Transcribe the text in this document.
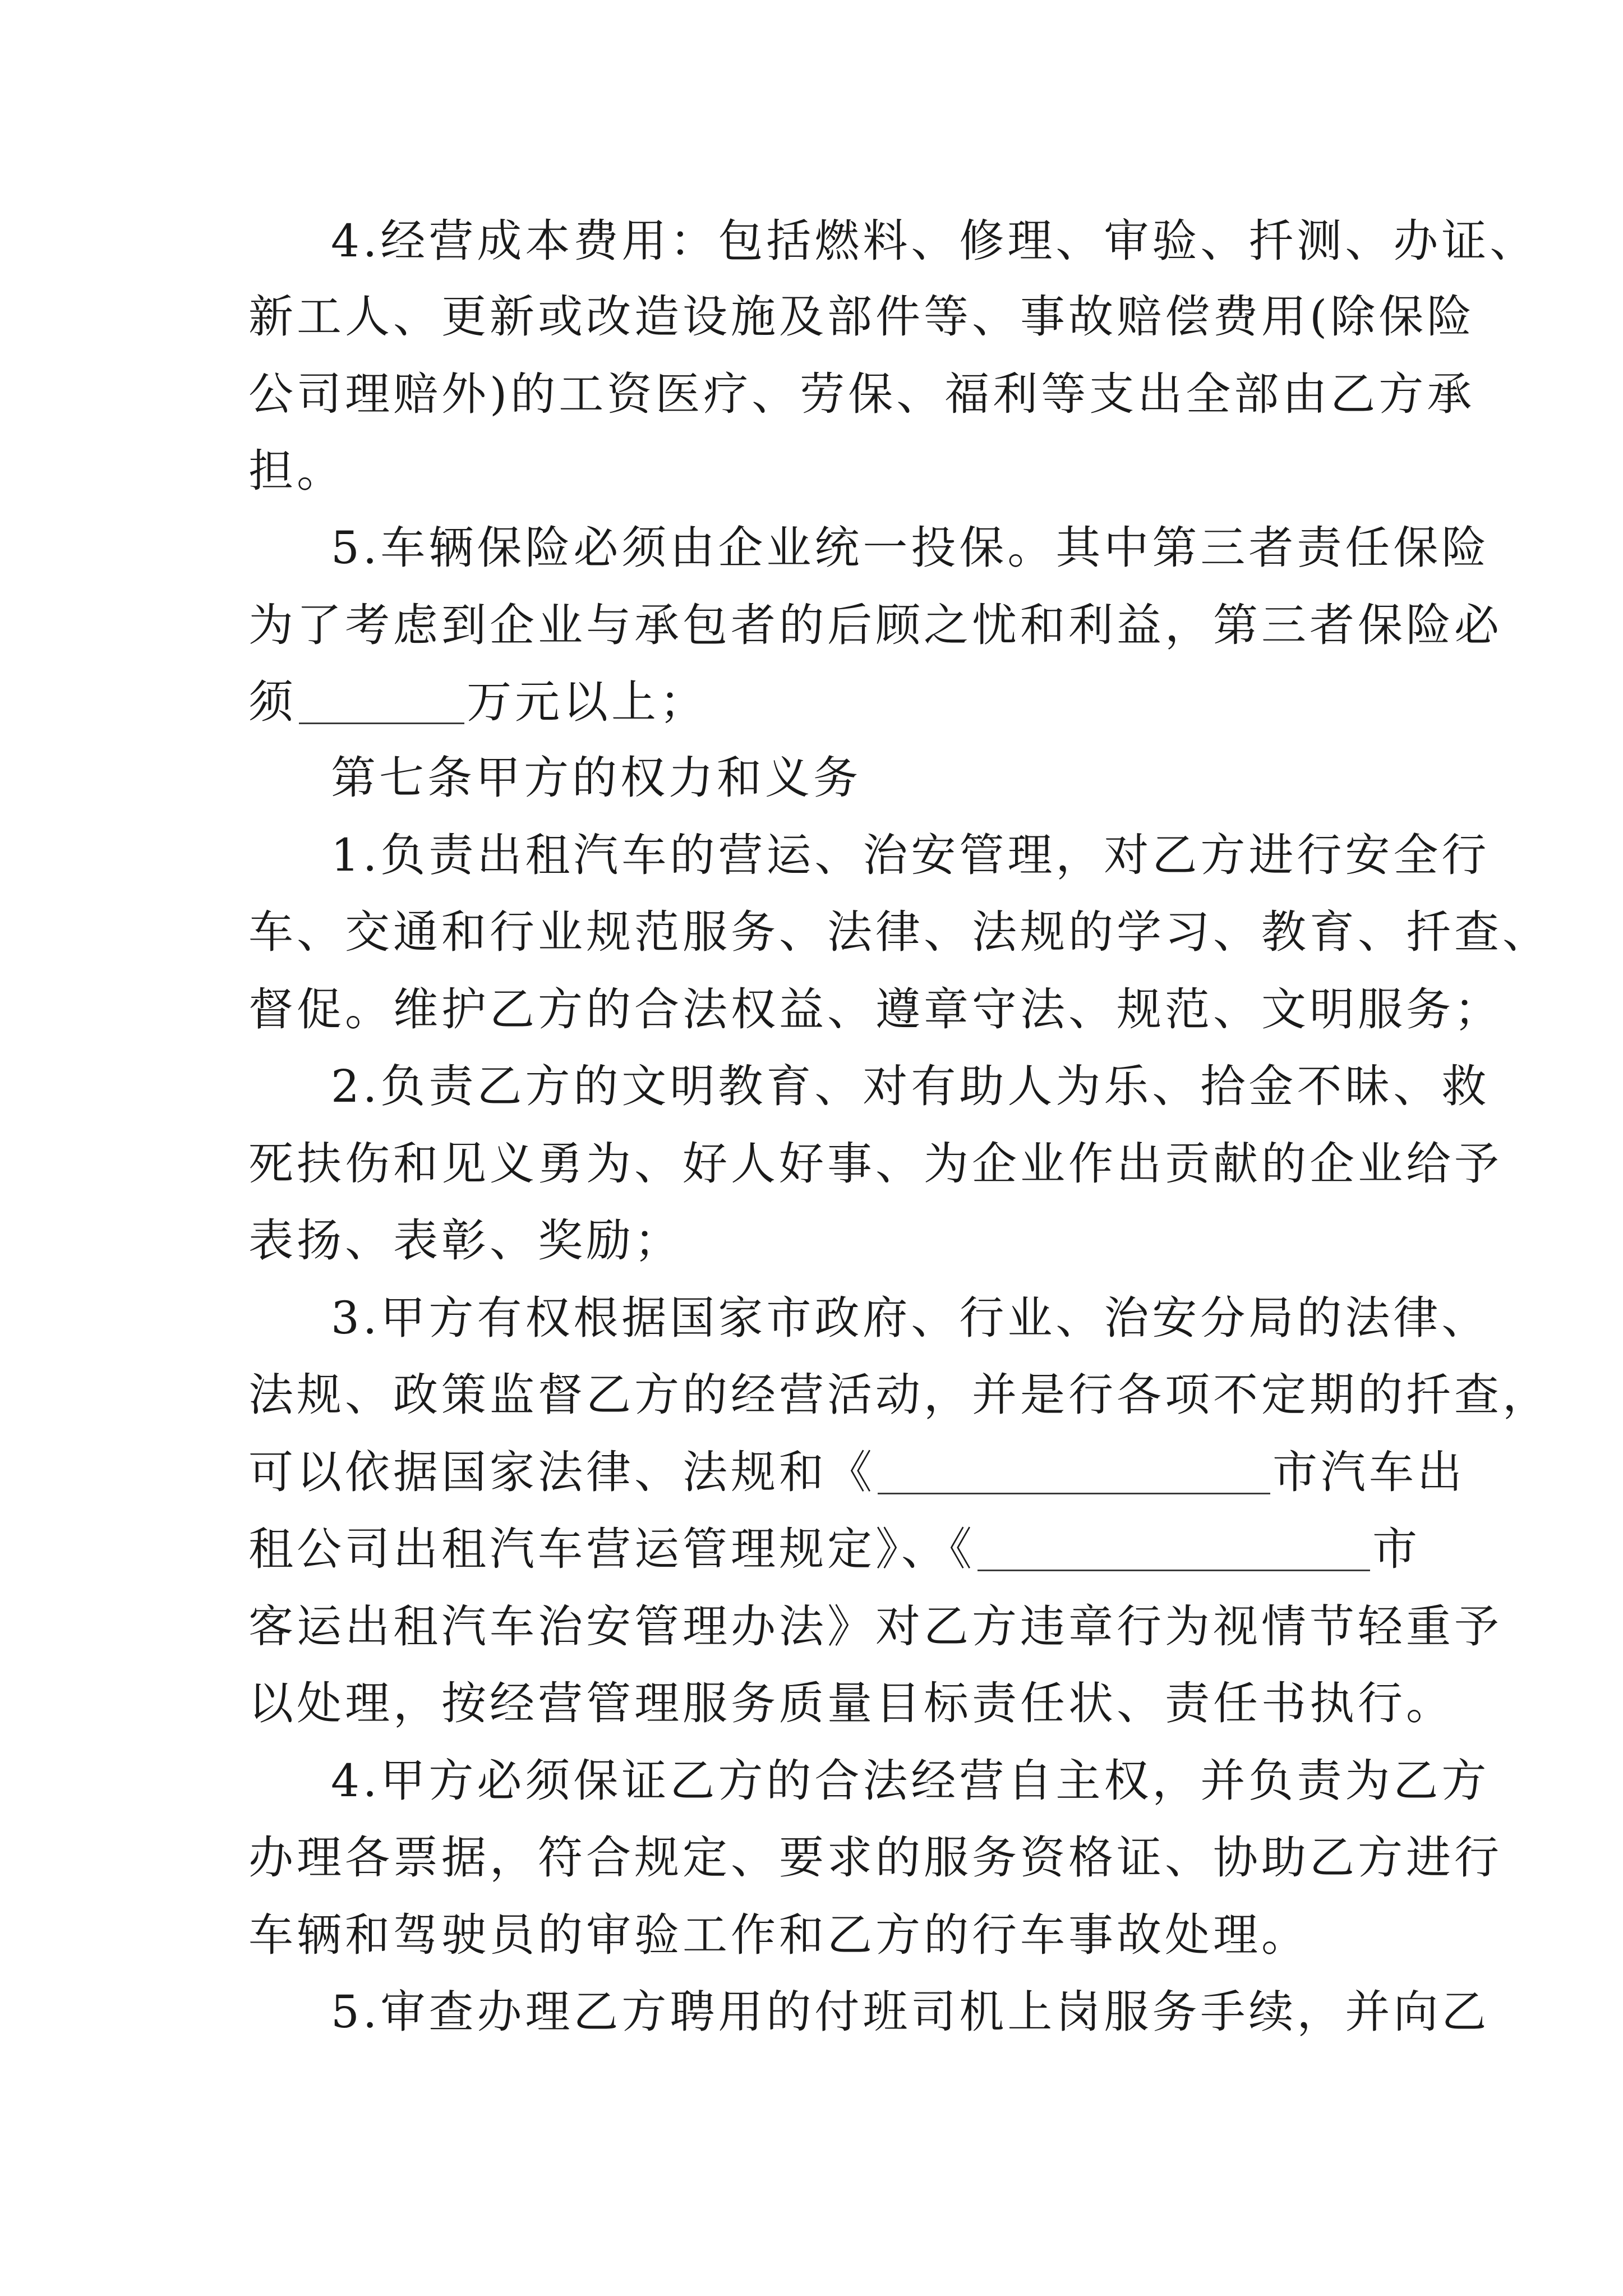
4.经营成本费用：包括燃料、修理、审验、扦测、办证、
新工人、更新或改造设施及部件等、事故赔偿费用(除保险
公司理赔外)的工资医疗、劳保、福利等支出全部由乙方承
担。
5.车辆保险必须由企业统一投保。其中第三者责任保险
为了考虑到企业与承包者的后顾之忧和利益，第三者保险必
须	万元以上；
第七条甲方的权力和义务
1.负责出租汽车的营运、治安管理，对乙方进行安全行
车、交通和行业规范服务、法律、法规的学习、教育、扦查、
督促。维护乙方的合法权益、遵章守法、规范、文明服务；
2.负责乙方的文明教育、对有助人为乐、拾金不昧、救
死扶伤和见义勇为、好人好事、为企业作出贡献的企业给予
表扬、表彰、奖励；
3.甲方有权根据国家市政府、行业、治安分局的法律、
法规、政策监督乙方的经营活动，并是行各项不定期的扦查，
可以依据国家法律、法规和《	市汽车出
租公司出租汽车营运管理规定》、《	市
客运出租汽车治安管理办法》对乙方违章行为视情节轻重予
以处理，按经营管理服务质量目标责任状、责任书执行。
4.甲方必须保证乙方的合法经营自主权，并负责为乙方
办理各票据，符合规定、要求的服务资格证、协助乙方进行
车辆和驾驶员的审验工作和乙方的行车事故处理。
5.审查办理乙方聘用的付班司机上岗服务手续，并向乙
